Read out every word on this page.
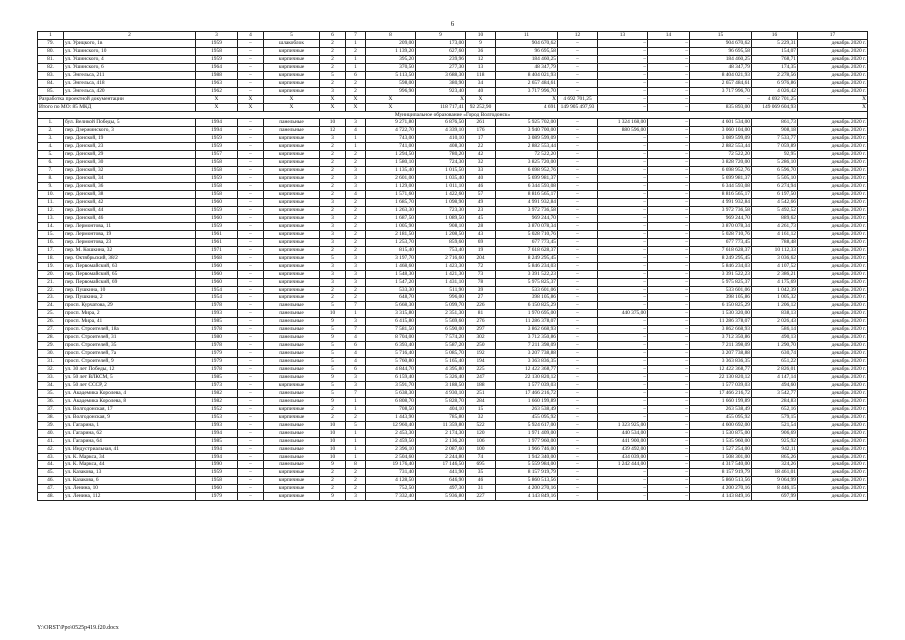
6
1	2	3	4	5	6	7	8	9	10	11	12	13	14	15	16	17	
79.	ул. Урицкого, 1в	1959	–	шлакоблок	2	1	209,00	173,00	9	904 670,62	–	–	–	904 670,62	5 229,31	декабрь 2020 г.	
80.	ул. Ушинского, 10	1958	–	кирпичные	2	2	1 139,20	627,60	36	96 695,58	–	–	–	96 695,58	154,07	декабрь 2020 г.	
81.	ул. Ушинского, 4	1959	–	кирпичные	2	1	395,20	239,96	12	184 460,25	–	–	–	184 460,25	768,71	декабрь 2020 г.	
82.	ул. Ушинского, 6	1964	–	кирпичные	2	1	370,50	277,30	13	48 347,79	–	–	–	48 347,79	174,35	декабрь 2020 г.	
83.	ул. Энгельса, 211	1988	–	кирпичные	5	6	5 113,50	3 688,30	118	8 404 021,93	–	–	–	8 404 021,93	2 278,56	декабрь 2020 г.	
84.	ул. Энгельса, 418	1963	–	кирпичные	2	2	598,00	380,90	34	2 657 484,61	–	–	–	2 657 484,61	6 976,86	декабрь 2020 г.	
85.	ул. Энгельса, 420	1962	–	кирпичные	3	2	996,90	923,40	40	3 717 996,70	–	–	–	3 717 996,70	4 026,42	декабрь 2020 г.	
Разработка проектной документации		X	X	X	X	X	X	X	X	X	4 692 701,25	–	–	–	4 692 701,25	X	
Итого по МО: 85 МКД		X	X	X	X	X	X	118 717,41	92 252,90	4 691	149 905 497,93	–	–	835 893,00	149 069 604,93	X	
Муниципальное образование «Город Волгодонск»																	
1.	бул. Великой Победы, 5	1994	–	панельные	10	3	9 271,80	6 876,50	261	5 925 702,00	–	1 324 168,00	–	4 601 534,00	861,73	декабрь 2020 г.	
2.	пер. Дзержинского, 3	1994	–	панельные	12	4	4 722,70	4 339,10	176	3 940 700,00	–	880 596,00	–	3 060 104,00	908,18	декабрь 2020 г.	
3.	пер. Донской, 19	1959	–	кирпичные	3	1	743,00	410,10	17	3 089 599,09	–	–	–	3 089 599,09	7 533,77	декабрь 2020 г.	
4.	пер. Донской, 23	1959	–	кирпичные	2	1	741,00	408,30	22	2 882 553,44	–	–	–	2 882 553,44	7 059,89	декабрь 2020 г.	
5.	пер. Донской, 29	1957	–	кирпичные	2	2	1 294,50	780,20	42	72 522,20	–	–	–	72 522,20	92,95	декабрь 2020 г.	
6.	пер. Донской, 30	1958	–	кирпичные	2	2	1 580,10	724,30	32	3 825 720,00	–	–	–	3 828 720,00	5 286,10	декабрь 2020 г.	
7.	пер. Донской, 32	1958	–	кирпичные	2	3	1 135,40	1 015,50	33	6 698 952,76	–	–	–	6 698 952,76	6 596,70	декабрь 2020 г.	
8.	пер. Донской, 34	1959	–	кирпичные	2	3	2 601,00	1 035,40	40	5 699 981,37	–	–	–	5 699 981,37	5 505,10	декабрь 2020 г.	
9.	пер. Донской, 36	1958	–	кирпичные	2	3	1 129,00	1 011,10	46	6 344 593,08	–	–	–	6 344 593,08	6 274,94	декабрь 2020 г.	
10.	пер. Донской, 38	1958	–	кирпичные	2	4	1 571,60	1 422,60	57	8 816 565,17	–	–	–	8 816 565,17	6 197,50	декабрь 2020 г.	
11.	пер. Донской, 42	1960	–	кирпичные	3	2	1 685,70	1 098,90	49	4 991 932,84	–	–	–	4 991 932,84	4 542,66	декабрь 2020 г.	
12.	пер. Донской, 44	1959	–	кирпичные	2	2	1 263,30	723,30	23	3 972 736,58	–	–	–	3 972 736,58	5 492,52	декабрь 2020 г.	
13.	пер. Донской, 46	1960	–	кирпичные	3	2	1 687,50	1 089,50	45	969 244,70	–	–	–	969 244,70	889,62	декабрь 2020 г.	
14.	пер. Лермонтова, 11	1959	–	кирпичные	3	2	1 005,90	908,10	28	3 870 078,34	–	–	–	3 870 078,34	4 261,73	декабрь 2020 г.	
15.	пер. Лермонтова, 19	1961	–	кирпичные	3	2	2 181,50	1 208,50	43	5 028 710,76	–	–	–	5 028 710,76	4 161,12	декабрь 2020 г.	
16.	пер. Лермонтова, 23	1961	–	кирпичные	3	2	1 253,70	859,60	69	677 773,45	–	–	–	677 773,45	788,48	декабрь 2020 г.	
17.	пер. М. Кошкина, 32	1971	–	кирпичные	2	2	815,40	753,40	19	7 618 628,37	–	–	–	7 618 628,37	10 112,33	декабрь 2020 г.	
18.	пер. Октябрьский, 38/2	1968	–	кирпичные	5	3	3 197,70	2 716,60	204	8 249 295,45	–	–	–	8 249 295,45	3 036,62	декабрь 2020 г.	
19.	пер. Первомайский, 63	1960	–	кирпичные	3	3	1 468,60	1 423,30	72	5 846 234,03	–	–	–	5 846 234,03	4 107,52	декабрь 2020 г.	
20.	пер. Первомайский, 65	1960	–	кирпичные	3	3	1 548,30	1 421,30	73	3 391 522,23	–	–	–	3 391 522,23	2 386,21	декабрь 2020 г.	
21.	пер. Первомайский, 69	1960	–	кирпичные	3	3	1 547,20	1 431,10	78	5 975 825,37	–	–	–	5 975 825,37	4 175,69	декабрь 2020 г.	
22.	пер. Пушкина, 10	1954	–	кирпичные	2	2	533,30	511,90	39	533 601,06	–	–	–	533 601,06	1 042,39	декабрь 2020 г.	
23.	пер. Пушкина, 2	1954	–	кирпичные	2	2	648,70	996,00	27	398 105,86	–	–	–	398 105,86	1 005,32	декабрь 2020 г.	
24.	просп. Курчатова, 29	1978	–	панельные	5	7	5 668,30	5 099,70	226	6 150 825,29	–	–	–	6 150 825,29	1 206,12	декабрь 2020 г.	
25.	просп. Мира, 2	1993	–	панельные	10	1	3 315,80	2 351,30	81	1 970 695,00	–	440 375,00	–	1 530 320,00	838,13	декабрь 2020 г.	
26.	просп. Мира, 41	1985	–	панельные	9	3	6 415,80	5 569,60	276	11 286 378,07	–	–	–	11 286 378,07	2 026,43	декабрь 2020 г.	
27.	просп. Строителей, 18а	1978	–	панельные	5	7	7 581,50	6 590,00	297	3 862 668,93	–	–	–	3 862 668,93	586,14	декабрь 2020 г.	
28.	просп. Строителей, 31	1980	–	панельные	9	4	8 704,00	7 574,20	302	3 712 350,86	–	–	–	3 712 350,86	490,13	декабрь 2020 г.	
29.	просп. Строителей, 35	1978	–	панельные	5	6	6 393,40	5 587,20	250	7 211 398,09	–	–	–	7 211 398,09	1 290,70	декабрь 2020 г.	
30.	просп. Строителей, 7а	1979	–	панельные	5	4	5 716,40	5 085,70	192	3 207 738,88	–	–	–	3 207 738,88	630,74	декабрь 2020 г.	
31.	просп. Строителей, 9	1979	–	панельные	5	4	5 760,80	5 165,40	194	3 363 836,35	–	–	–	3 363 836,35	651,22	декабрь 2020 г.	
32.	ул. 30 лет Победы, 12	1978	–	панельные	5	6	4 844,70	4 395,80	225	12 422 368,77	–	–	–	12 422 368,77	2 826,01	декабрь 2020 г.	
33.	ул. 50 лет ВЛКСМ, 5	1985	–	панельные	9	3	6 159,40	5 326,40	247	22 130 820,12	–	–	–	22 130 820,12	4 147,14	декабрь 2020 г.	
34.	ул. 50 лет СССР, 2	1973	–	кирпичные	5	3	3 591,70	3 188,50	188	1 577 039,03	–	–	–	1 577 039,03	494,60	декабрь 2020 г.	
35.	ул. Академика Королева, 4	1982	–	панельные	5	7	5 638,30	4 930,10	251	17 466 216,72	–	–	–	17 466 216,72	3 542,77	декабрь 2020 г.	
36.	ул. Академика Королева, 8	1982	–	панельные	9	1	6 808,70	5 828,70	284	1 660 199,89	–	–	–	1 660 199,89	284,83	декабрь 2020 г.	
37.	ул. Волгодонская, 17	1952	–	кирпичные	2	1	708,50	404,10	15	263 538,49	–	–	–	263 538,49	652,16	декабрь 2020 г.	
38.	ул. Волгодонская, 9	1953	–	кирпичные	2	2	1 443,90	785,80	32	455 095,92	–	–	–	455 095,92	579,15	декабрь 2020 г.	
39.	ул. Гагарина, 1	1993	–	панельные	10	5	12 960,40	11 359,80	522	5 924 617,00	–	1 323 925,00	–	4 600 692,00	521,54	декабрь 2020 г.	
40.	ул. Гагарина, 62	1994	–	панельные	10	1	2 453,30	2 174,30	120	1 971 409,00	–	440 534,00	–	1 530 875,00	906,69	декабрь 2020 г.	
41.	ул. Гагарина, 64	1985	–	панельные	10	1	2 459,50	2 136,20	106	1 977 960,00	–	441 900,00	–	1 535 960,00	925,92	декабрь 2020 г.	
42.	ул. Индустриальная, 41	1994	–	панельные	10	1	2 396,10	2 087,60	100	1 966 746,00	–	439 492,00	–	1 527 254,00	942,11	декабрь 2020 г.	
43.	ул. К. Маркса, 34	1994	–	панельные	10	1	2 504,60	2 244,80	74	1 942 340,00	–	434 039,00	–	1 508 301,00	865,26	декабрь 2020 г.	
44.	ул. К. Маркса, 44	1990	–	панельные	9	8	19 176,40	17 146,50	695	5 559 984,00	–	1 242 444,00	–	4 317 540,00	324,26	декабрь 2020 г.	
45.	ул. Казакова, 13	1959	–	кирпичные	2	2	731,40	441,90	35	8 157 919,79	–	–	–	8 157 919,79	18 461,01	декабрь 2020 г.	
46.	ул. Казакова, 6	1958	–	кирпичные	2	2	4 128,50	646,90	46	5 860 513,56	–	–	–	5 860 513,56	9 064,99	декабрь 2020 г.	
47.	ул. Ленина, 10	1960	–	кирпичные	2	2	752,50	497,30	31	4 200 270,16	–	–	–	4 200 270,16	8 446,15	декабрь 2020 г.	
48.	ул. Ленина, 112	1979	–	кирпичные	9	3	7 332,40	5 936,80	227	4 143 849,16	–	–	–	4 143 849,16	697,99	декабрь 2020 г.	
Y:\ORST\Ppo\0525p419.f20.docx
